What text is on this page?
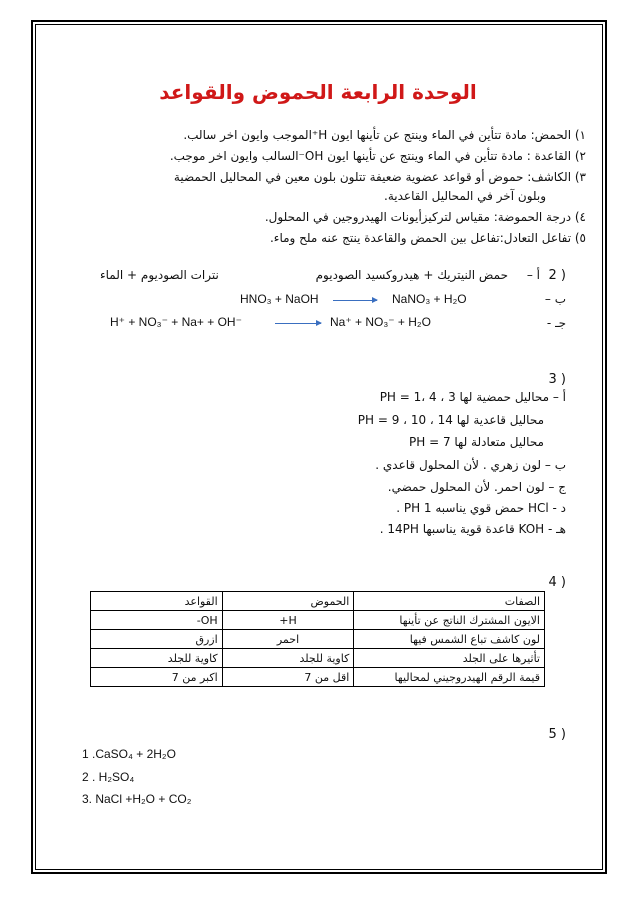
الوحدة الرابعة الحموض والقواعد
١) الحمض: مادة تتأين في الماء وينتج عن تأينها ايون H⁺الموجب وايون اخر سالب.
٢) القاعدة : مادة تتأين في الماء وينتج عن تأينها ايون OH⁻السالب وايون اخر موجب.
٣) الكاشف: حموض أو قواعد عضوية ضعيفة تتلون بلون معين في المحاليل الحمضية
وبلون آخر في المحاليل القاعدية.
٤) درجة الحموضة: مقياس لتركيزأيونات الهيدروجين في المحلول.
٥) تفاعل التعادل:تفاعل بين الحمض والقاعدة ينتج عنه ملح وماء.
2 )
أ –
حمض النيتريك + هيدروكسيد الصوديوم
نترات الصوديوم + الماء
ب –
HNO₃ + NaOH	NaNO₃ + H₂O
جـ -
H⁺ + NO₃⁻ + Na+ + OH⁻	Na⁺ + NO₃⁻ + H₂O
3 )
أ – محاليل حمضية لها PH = 1، 4 ، 3
محاليل قاعدية لها PH = 9 ، 10 ، 14
محاليل متعادلة لها PH = 7
ب – لون زهري . لأن المحلول قاعدي .
ج – لون احمر. لأن المحلول حمضي.
د - HCl حمض قوي يناسبه PH 1 .
هـ - KOH قاعدة قوية يناسبها 14PH .
4 )
الصفات	الحموض	القواعد
الايون المشترك الناتج عن تأينها	H+	OH-
لون كاشف تباع الشمس فيها	احمر	ازرق
تأثيرها على الجلد	كاوية للجلد	كاوية للجلد
قيمة الرقم الهيدروجيني لمحاليها	اقل من 7	اكبر من 7
5 )
1 .CaSO₄ + 2H₂O
2 . H₂SO₄
3. NaCl +H₂O + CO₂
